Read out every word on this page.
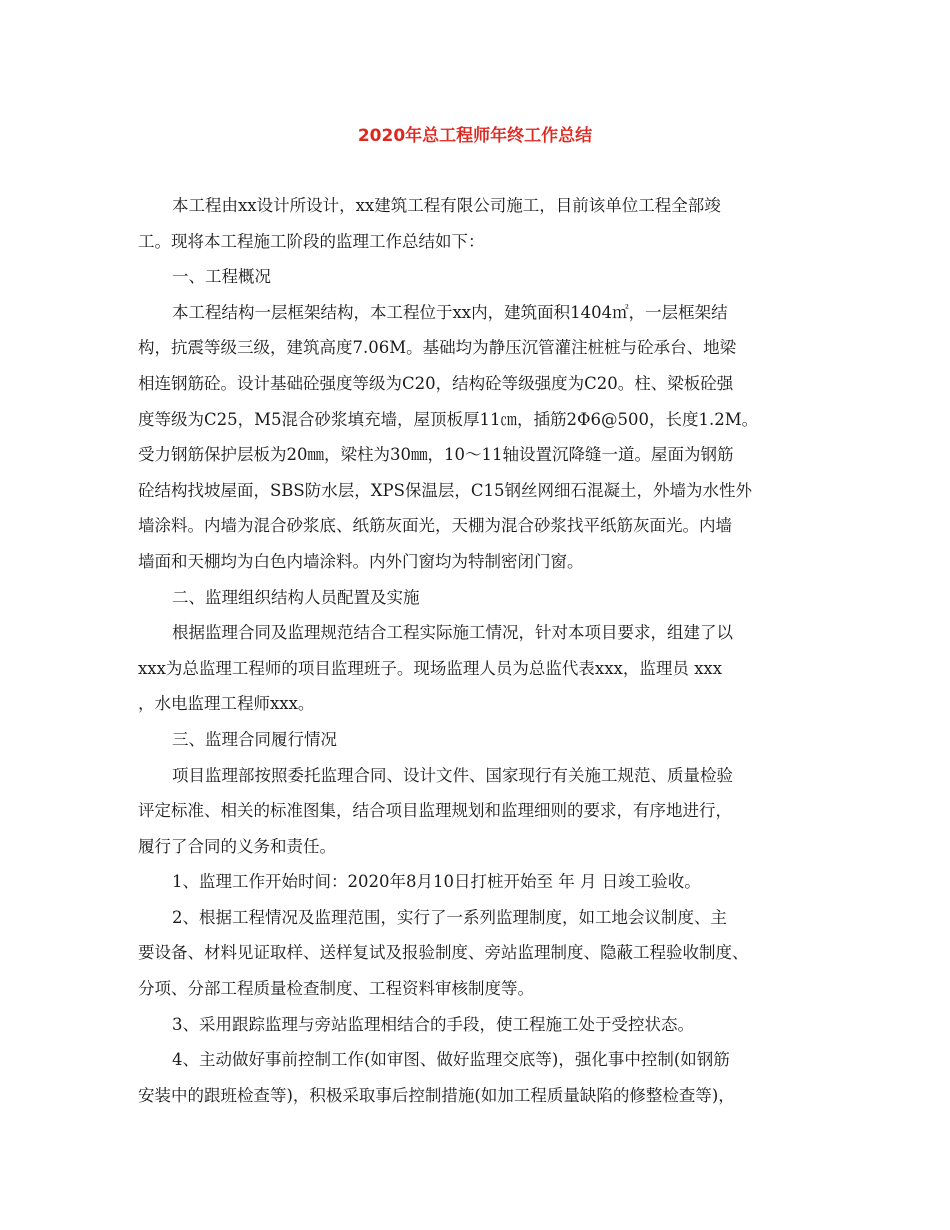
2020年总工程师年终工作总结
本工程由xx设计所设计，xx建筑工程有限公司施工，目前该单位工程全部竣
工。现将本工程施工阶段的监理工作总结如下：
一、工程概况
本工程结构一层框架结构，本工程位于xx内，建筑面积1404㎡，一层框架结
构，抗震等级三级，建筑高度7.06M。基础均为静压沉管灌注桩桩与砼承台、地梁
相连钢筋砼。设计基础砼强度等级为C20，结构砼等级强度为C20。柱、梁板砼强
度等级为C25，M5混合砂浆填充墙，屋顶板厚11㎝，插筋2Φ6@500，长度1.2M。
受力钢筋保护层板为20㎜，梁柱为30㎜，10～11轴设置沉降缝一道。屋面为钢筋
砼结构找坡屋面，SBS防水层，XPS保温层，C15钢丝网细石混凝土，外墙为水性外
墙涂料。内墙为混合砂浆底、纸筋灰面光，天棚为混合砂浆找平纸筋灰面光。内墙
墙面和天棚均为白色内墙涂料。内外门窗均为特制密闭门窗。
二、监理组织结构人员配置及实施
根据监理合同及监理规范结合工程实际施工情况，针对本项目要求，组建了以
xxx为总监理工程师的项目监理班子。现场监理人员为总监代表xxx，监理员 xxx
，水电监理工程师xxx。
三、监理合同履行情况
项目监理部按照委托监理合同、设计文件、国家现行有关施工规范、质量检验
评定标准、相关的标准图集，结合项目监理规划和监理细则的要求，有序地进行，
履行了合同的义务和责任。
1、监理工作开始时间：2020年8月10日打桩开始至 年 月 日竣工验收。
2、根据工程情况及监理范围，实行了一系列监理制度，如工地会议制度、主
要设备、材料见证取样、送样复试及报验制度、旁站监理制度、隐蔽工程验收制度、
分项、分部工程质量检查制度、工程资料审核制度等。
3、采用跟踪监理与旁站监理相结合的手段，使工程施工处于受控状态。
4、主动做好事前控制工作(如审图、做好监理交底等)，强化事中控制(如钢筋
安装中的跟班检查等)，积极采取事后控制措施(如加工程质量缺陷的修整检查等)，
